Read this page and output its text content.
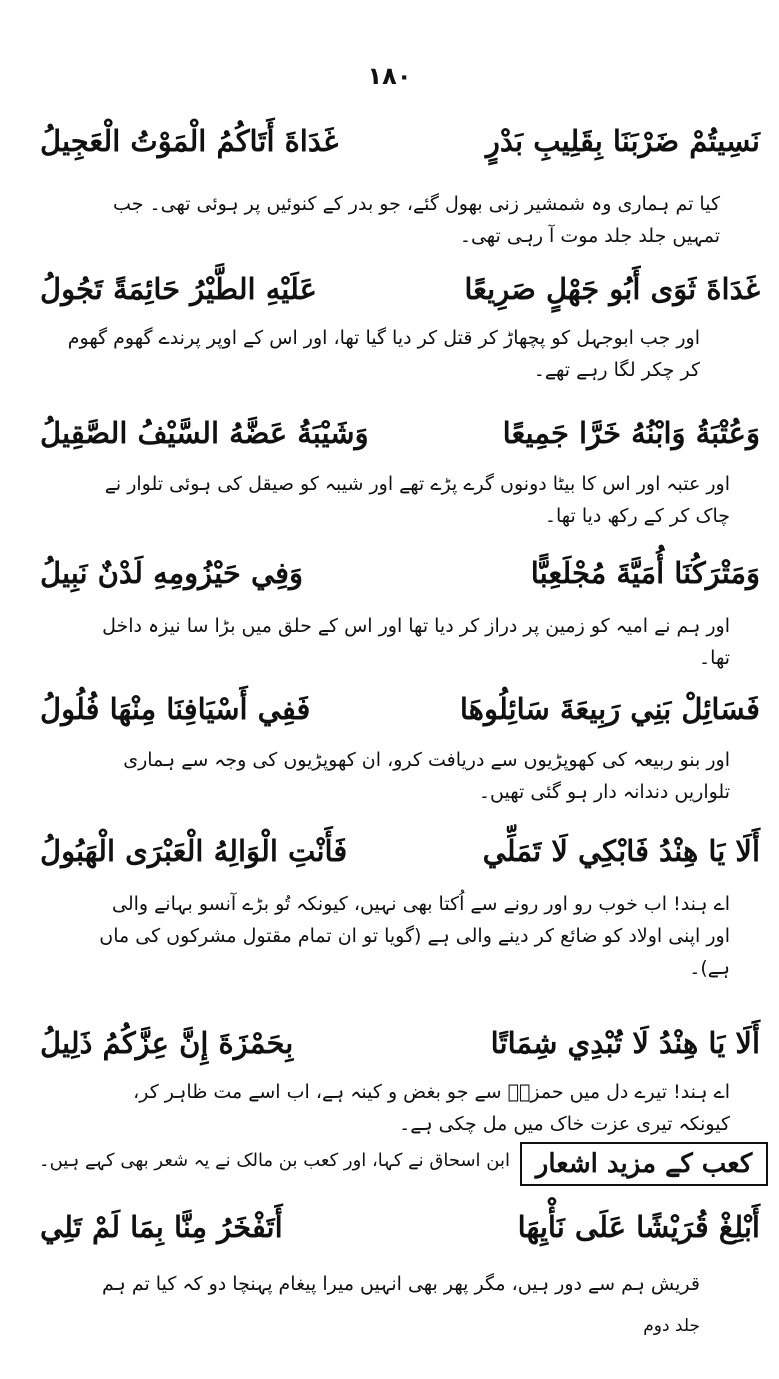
۱۸۰
نَسِيتُمْ ضَرْبَنَا بِقَلِيبِ بَدْرٍ
غَدَاةَ أَتَاكُمُ الْمَوْتُ الْعَجِيلُ
کیا تم ہماری وہ شمشیر زنی بھول گئے، جو بدر کے کنوئیں پر ہوئی تھی۔ جب تمہیں جلد جلد موت آ رہی تھی۔
غَدَاةَ ثَوَى أَبُو جَهْلٍ صَرِيعًا
عَلَيْهِ الطَّيْرُ حَائِمَةً تَجُولُ
اور جب ابوجہل کو پچھاڑ کر قتل کر دیا گیا تھا، اور اس کے اوپر پرندے گھوم گھوم کر چکر لگا رہے تھے۔
وَعُتْبَةُ وَابْنُهُ خَرَّا جَمِيعًا
وَشَيْبَةُ عَضَّهُ السَّيْفُ الصَّقِيلُ
اور عتبہ اور اس کا بیٹا دونوں گرے پڑے تھے اور شیبہ کو صیقل کی ہوئی تلوار نے چاک کر کے رکھ دیا تھا۔
وَمَتْرَكُنَا أُمَيَّةَ مُجْلَعِبًّا
وَفِي حَيْزُومِهِ لَدْنٌ نَبِيلُ
اور ہم نے امیہ کو زمین پر دراز کر دیا تھا اور اس کے حلق میں بڑا سا نیزہ داخل تھا۔
فَسَائِلْ بَنِي رَبِيعَةَ سَائِلُوهَا
فَفِي أَسْيَافِنَا مِنْهَا فُلُولُ
اور بنو ربیعہ کی کھوپڑیوں سے دریافت کرو، ان کھوپڑیوں کی وجہ سے ہماری تلواریں دندانہ دار ہو گئی تھیں۔
أَلَا يَا هِنْدُ فَابْكِي لَا تَمَلِّي
فَأَنْتِ الْوَالِهُ الْعَبْرَى الْهَبُولُ
اے ہند! اب خوب رو اور رونے سے اُکتا بھی نہیں، کیونکہ تُو بڑے آنسو بہانے والی اور اپنی اولاد کو ضائع کر دینے والی ہے (گویا تو ان تمام مقتول مشرکوں کی ماں ہے)۔
أَلَا يَا هِنْدُ لَا تُبْدِي شِمَاتًا
بِحَمْزَةَ إِنَّ عِزَّكُمُ ذَلِيلُ
اے ہند! تیرے دل میں حمزہؓ سے جو بغض و کینہ ہے، اب اسے مت ظاہر کر، کیونکہ تیری عزت خاک میں مل چکی ہے۔
کعب کے مزید اشعار
ابن اسحاق نے کہا، اور کعب بن مالک نے یہ شعر بھی کہے ہیں۔
أَبْلِغْ قُرَيْشًا عَلَى نَأْيِهَا
أَتَفْخَرُ مِنَّا بِمَا لَمْ تَلِي
قریش ہم سے دور ہیں، مگر پھر بھی انہیں میرا پیغام پہنچا دو کہ کیا تم ہم
جلد دوم
